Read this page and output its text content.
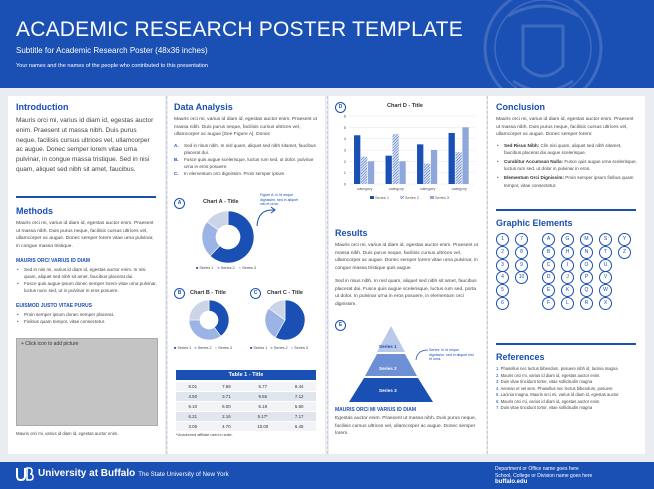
ACADEMIC RESEARCH POSTER TEMPLATE
Subtitle for Academic Research Poster (48x36 inches)
Your names and the names of the people who contributed to this presentation
Introduction
Mauris orci mi, varius id diam id, egestas auctor enim. Praesent ut massa nibh. Duis purus neque, facilisis cursus ultrices vel, ullamcorper ac augue. Donec semper lorem vitae urna pulvinar, in congue massa tristique. Sed in nisi quam, aliquet sed nibh sit amet, faucibus.
Methods
Mauris orci mi, varius id diam id, egestas auctor enim. Praesent ut massa nibh. Duis purus neque, facilisis cursus ultrices vel, ullamcorper ac augue. Donec semper lorem vitae urna pulvinar, in congue massa tristique.
MAURIS ORCI VARIUS ID DIAM
• Sed in nisi mi, varius id diam id, egestas auctor enim. In nisi quam, aliquet sed nibh sit amet, faucibus placerat dui.
• Fusce quis augue ipsum donec semper lorem vitae urna pulvinar, luctus nunc sed, ut in pulvinar in eros posuere.
EUISMOD JUSTO VITAE PURUS
• Proin semper ipsum donec semper placerat.
• Finibus quam tempor, vitae consectetur.
+ Click icon to add picture
Mauris orci mi, varius id diam id, egestas auctor enim.
Data Analysis
Mauris orci mi, varius id diam id, egestas auctor enim. Praesent ut massa nibh. Duis purus neque, facilisis cursus ultrices vel, ullamcorper ac augue [See Figure A]. Donec
A. Sed in risus nibh. In nisl quam, aliquet sed nibh sitamet, faucibus placerat dui.
B. Fusce quis augue scelerisque, luctus rum sed, ut dolor. pulvinar urna in eros posuere.
C. In elementum orci dignissim. Proin semper ipsum
A	Chart A - Title
Figure A: In id neque dignissim, sed in aliquet nisl et urna.
■ Series 1 ■ Series 2 ■ Series 3
B	Chart B - Title
■ Series 1 ■ Series 2 ■ Series 3
C	Chart C - Title
■ Series 1 ■ Series 2 ■ Series 3
Table 1 - Title
8.01	7.68	5.77	8.44
4.50	3.71	9.55	7.12
6.10	6.00	6.18	5.60
6.21	2.16	5.17*	7.17
3.05	4.70	10.00	6.45
*Unadorned affiliate used in suite.
D	Chart D - Title
0
1
2
3
4
5
6
category	category	category	category
Series 1	Series 2	Series 3
Results
Mauris orci mi, varius id diam id, egestas auctor enim. Praesent ut massa nibh. Duis purus neque, facilisis cursus ultrices vel, ullamcorper ac augue. Donec semper lorem vitae urna pulvinar, in congue massa tristique quis augue.
Sed in risus nibh. In nisl quam, aliquet sed nibh sit amet, faucibus placerat dui. Fusce quis augue scelerisque, luctus rum sed, porta ut dolor. In pulvinar urna in eros posuere, in elementum orci dignissim.
E
Series 1
Series 2
Series 3
Series: In id neque dignissim, sed in aliquet nisl et urna.
MAURIS ORCI MI VARIUS ID DIAM
Egestas auctor enim. Praesent ut massa nibh. Duis purus neque, facilisis cursus ultrices vel, ullamcorper ac augue. Donec semper lorem.
Conclusion
Mauris orci mi, varius id diam id, egestas auctor enim. Praesent ut massa nibh. Duis purus neque, facilisis cursus ultrices vel, ullamcorper ac augue. Donec semper lorem:
• Sed Risus Nibh: Clin nisi quam, aliquet sed nibh sitamet, faucibus placerat dui augue scelerisque.
• Curabitur Accumsan Nulla: Fusce quis augue urna scelerisque, luctus rum sed, ut dolor in pulvinar in eros.
• Elementum Orci Dignissim: Proin semper ipsum finibus quam tempor, vitae consectetur.
Graphic Elements
1
2
3
4
5
6
7
8
9
10
A
B
C
D
E
F
G
H
I
J
K
L
M
N
O
P
Q
R
S
T
U
V
W
X
Y
Z
References
1. Phasellus nec lectus bibendum, posuere nibh id, lacinia magna
2. Mauris orci mi, varius id diam id, egestas auctor enim.
3. Duis vitae tincidunt tortor, vitae sollicitudin magna
4. Aenean et vel sem. Phasellus nec lectus bibendum, posuere
5. Lacinia magna. Mauris orci mi, varius id diam id, egestas auctor
6. Mauris orci mi, varius id diam id, egestas auctor enim.
7. Duis vitae tincidunt tortor, vitae sollicitudin magna
University at Buffalo The State University of New York
Department or Office name goes here
School, College or Division name goes here
buffalo.edu
